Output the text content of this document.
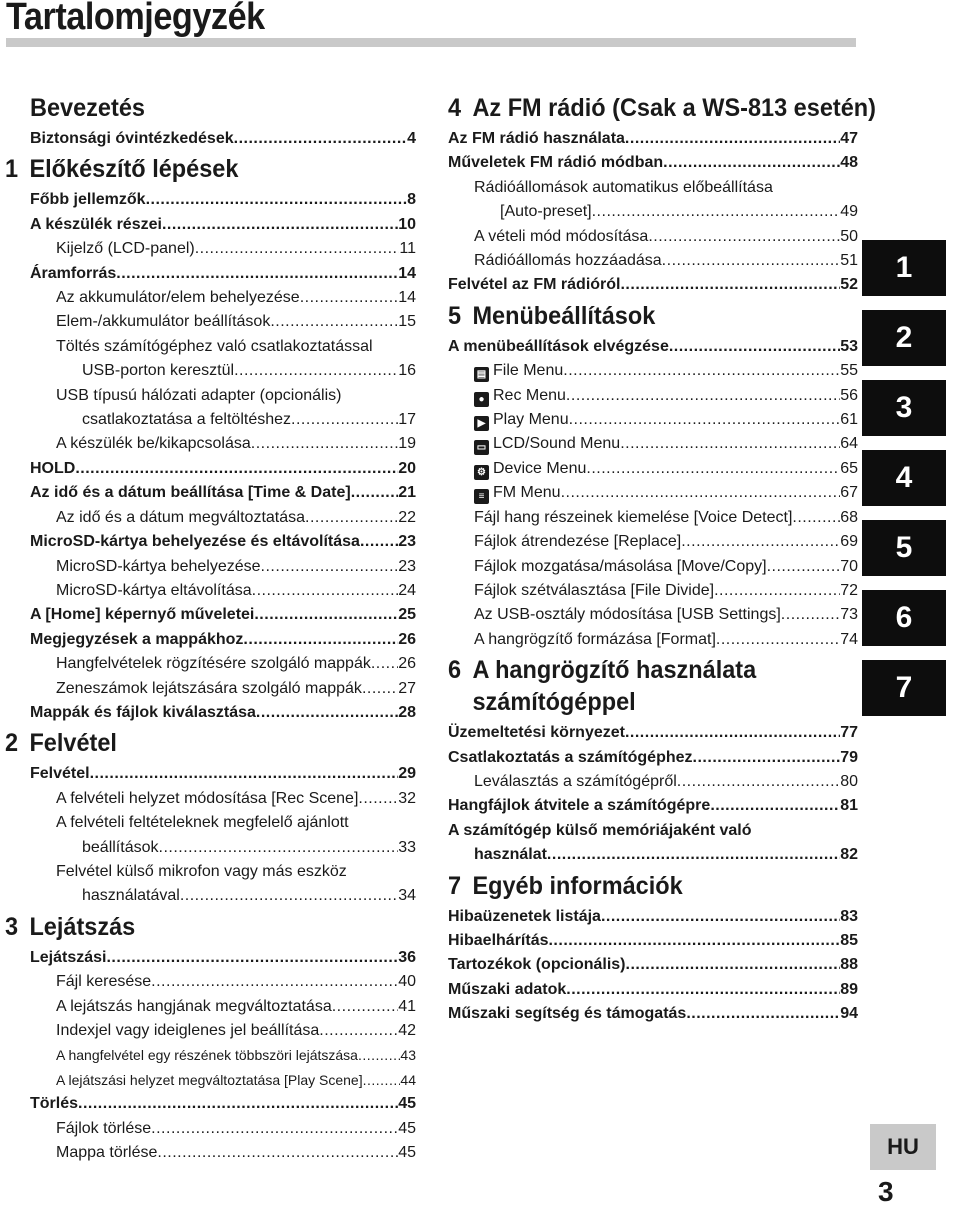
Tartalomjegyzék
Bevezetés
Biztonsági óvintézkedések .....	4
1 Előkészítő lépések
Főbb jellemzők .....	8
A készülék részei .....	10
Kijelző (LCD-panel) .....	11
Áramforrás .....	14
Az akkumulátor/elem behelyezése .....	14
Elem-/akkumulátor beállítások .....	15
Töltés számítógéphez való csatlakoztatással
USB-porton keresztül .....	16
USB típusú hálózati adapter (opcionális)
csatlakoztatása a feltöltéshez .....	17
A készülék be/kikapcsolása .....	19
HOLD .....	20
Az idő és a dátum beállítása [Time & Date] .....	21
Az idő és a dátum megváltoztatása .....	22
MicroSD-kártya behelyezése és eltávolítása ..... 23
MicroSD-kártya behelyezése .....	23
MicroSD-kártya eltávolítása .....	24
A [Home] képernyő műveletei .....	25
Megjegyzések a mappákhoz .....	26
Hangfelvételek rögzítésére szolgáló mappák ..... 26
Zeneszámok lejátszására szolgáló mappák ..... 27
Mappák és fájlok kiválasztása .....	28
2 Felvétel
Felvétel .....	29
A felvételi helyzet módosítása [Rec Scene] ..... 32
A felvételi feltételeknek megfelelő ajánlott
beállítások .....	33
Felvétel külső mikrofon vagy más eszköz
használatával .....	34
3 Lejátszás
Lejátszási .....	36
Fájl keresése .....	40
A lejátszás hangjának megváltoztatása .....	41
Indexjel vagy ideiglenes jel beállítása .....	42
A hangfelvétel egy részének többszöri lejátszása .....	43
A lejátszási helyzet megváltoztatása [Play Scene] .....	44
Törlés .....	45
Fájlok törlése .....	45
Mappa törlése .....	45
4 Az FM rádió (Csak a WS-813 esetén)
Az FM rádió használata .....	47
Műveletek FM rádió módban .....	48
Rádióállomások automatikus előbeállítása
[Auto-preset] .....	49
A vételi mód módosítása .....	50
Rádióállomás hozzáadása .....	51
Felvétel az FM rádióról .....	52
5 Menübeállítások
A menübeállítások elvégzése .....	53
▤ File Menu .....	55
● Rec Menu .....	56
▶ Play Menu .....	61
▭ LCD/Sound Menu .....	64
⚙ Device Menu .....	65
≡ FM Menu .....	67
Fájl hang részeinek kiemelése [Voice Detect] .....	68
Fájlok átrendezése [Replace] .....	69
Fájlok mozgatása/másolása [Move/Copy] .....	70
Fájlok szétválasztása [File Divide] .....	72
Az USB-osztály módosítása [USB Settings] .....	73
A hangrögzítő formázása [Format] .....	74
6 A hangrögzítő használata
számítógéppel
Üzemeltetési környezet .....	77
Csatlakoztatás a számítógéphez .....	79
Leválasztás a számítógépről .....	80
Hangfájlok átvitele a számítógépre .....	81
A számítógép külső memóriájaként való
használat .....	82
7 Egyéb információk
Hibaüzenetek listája .....	83
Hibaelhárítás .....	85
Tartozékok (opcionális) .....	88
Műszaki adatok .....	89
Műszaki segítség és támogatás .....	94
1
2
3
4
5
6
7
HU
3
